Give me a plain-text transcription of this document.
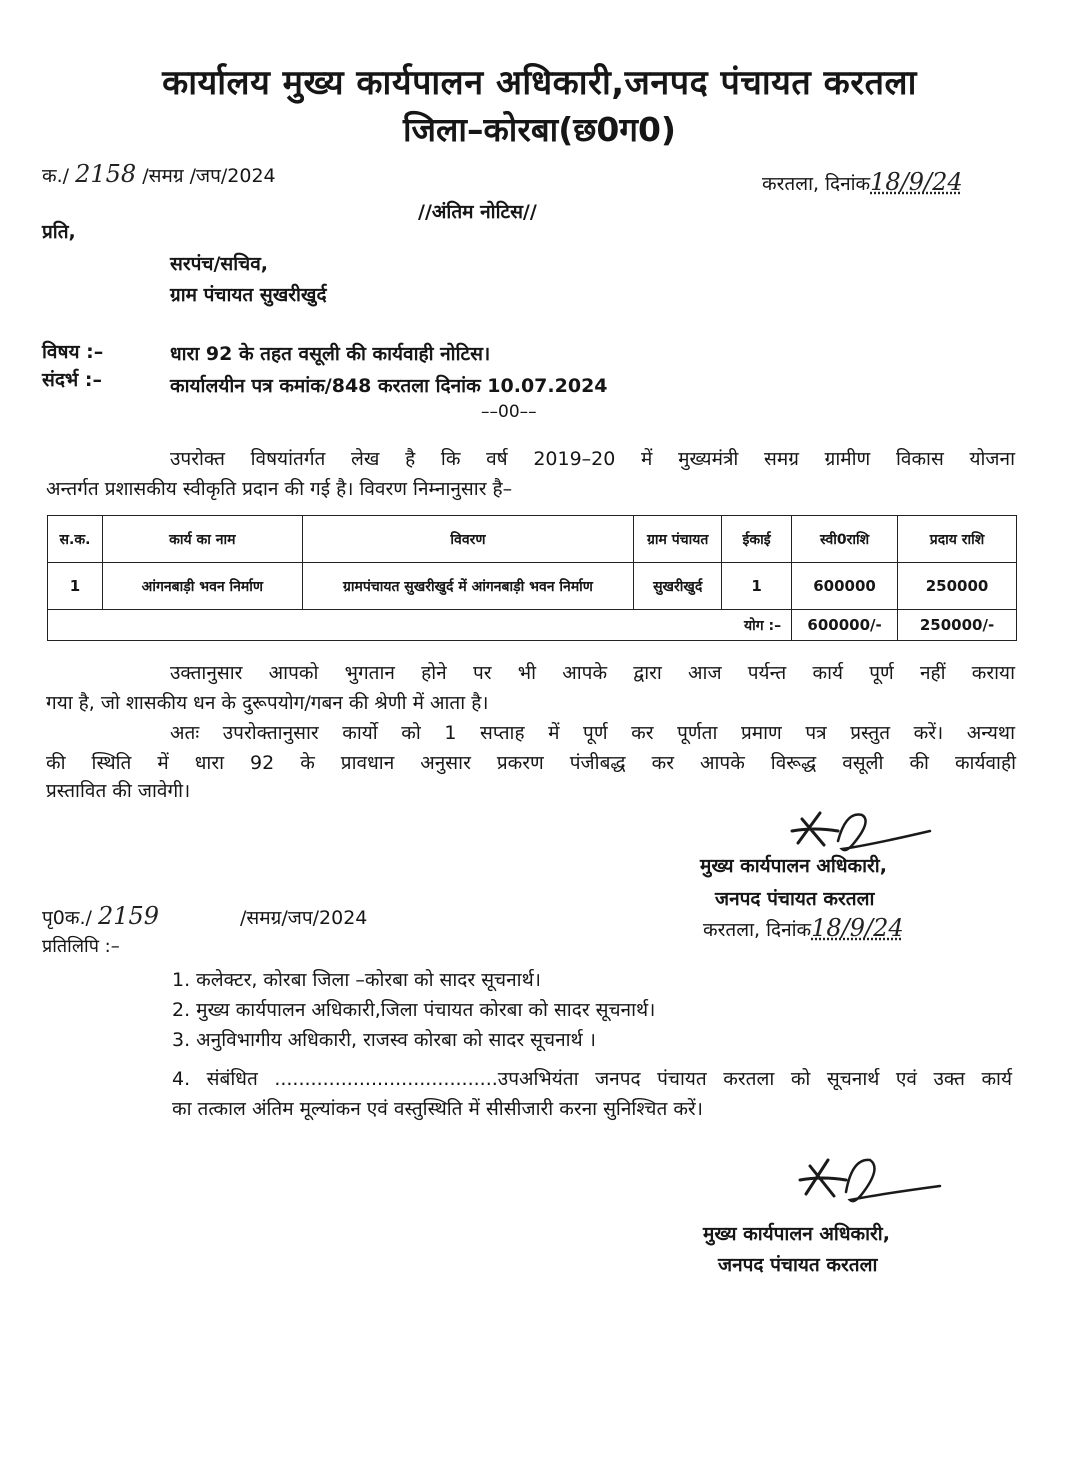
कार्यालय मुख्य कार्यपालन अधिकारी,जनपद पंचायत करतला
जिला–कोरबा(छ0ग0)
क./ 2158 /समग्र /जप/2024	करतला, दिनांक18/9/24
//अंतिम नोटिस//
प्रति,
सरपंच/सचिव,
ग्राम पंचायत सुखरीखुर्द
विषय :–	धारा 92 के तहत वसूली की कार्यवाही नोटिस।
संदर्भ :–	कार्यालयीन पत्र कमांक/848 करतला दिनांक 10.07.2024
––00––
उपरोक्त विषयांतर्गत लेख है कि वर्ष 2019–20 में मुख्यमंत्री समग्र ग्रामीण विकास योजना
अन्तर्गत प्रशासकीय स्वीकृति प्रदान की गई है। विवरण निम्नानुसार है–
स.क.	कार्य का नाम	विवरण	ग्राम पंचायत	ईकाई	स्वी0राशि	प्रदाय राशि
1	आंगनबाड़ी भवन निर्माण	ग्रामपंचायत सुखरीखुर्द में आंगनबाड़ी भवन निर्माण	सुखरीखुर्द	1	600000	250000
योग :–					600000/-	250000/-
उक्तानुसार आपको भुगतान होने पर भी आपके द्वारा आज पर्यन्त कार्य पूर्ण नहीं कराया
गया है, जो शासकीय धन के दुरूपयोग/गबन की श्रेणी में आता है।
अतः उपरोक्तानुसार कार्यो को 1 सप्ताह में पूर्ण कर पूर्णता प्रमाण पत्र प्रस्तुत करें। अन्यथा
की स्थिति में धारा 92 के प्रावधान अनुसार प्रकरण पंजीबद्ध कर आपके विरूद्ध वसूली की कार्यवाही
प्रस्तावित की जावेगी।
मुख्य कार्यपालन अधिकारी,
जनपद पंचायत करतला
करतला, दिनांक18/9/24
पृ0क./ 2159	/समग्र/जप/2024
प्रतिलिपि :–
1. कलेक्टर, कोरबा जिला –कोरबा को सादर सूचनार्थ।
2. मुख्य कार्यपालन अधिकारी,जिला पंचायत कोरबा को सादर सूचनार्थ।
3. अनुविभागीय अधिकारी, राजस्व कोरबा को सादर सूचनार्थ ।
4. संबंधित .....................................उपअभियंता जनपद पंचायत करतला को सूचनार्थ एवं उक्त कार्य
का तत्काल अंतिम मूल्यांकन एवं वस्तुस्थिति में सीसीजारी करना सुनिश्चित करें।
मुख्य कार्यपालन अधिकारी,
जनपद पंचायत करतला
